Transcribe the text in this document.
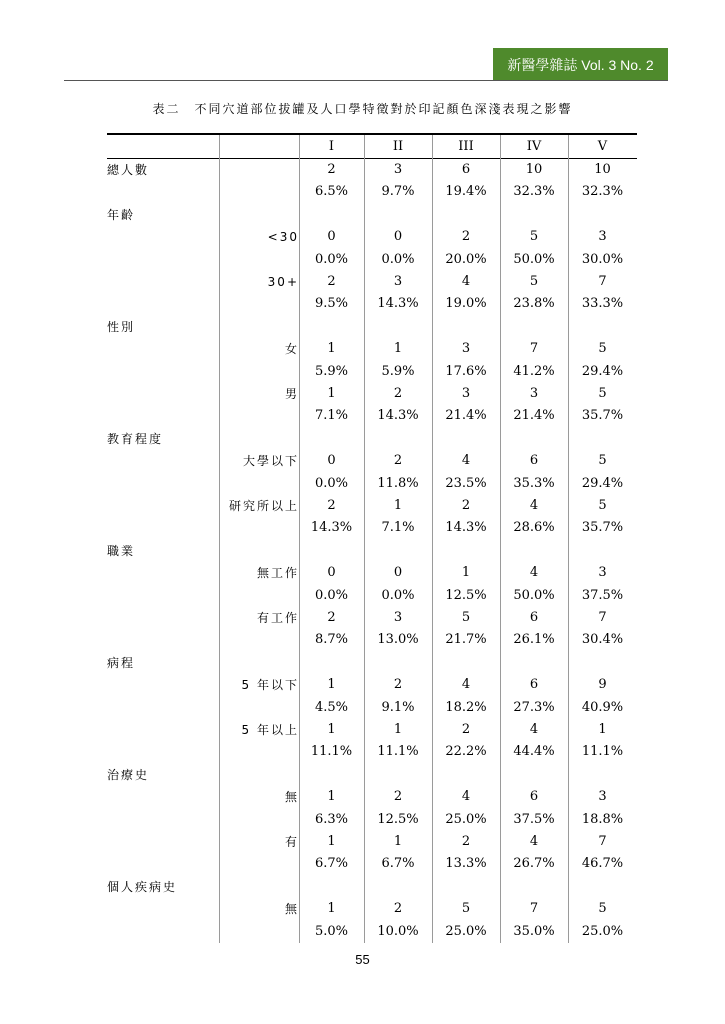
新醫學雜誌 Vol. 3 No. 2
表二　不同穴道部位拔罐及人口學特徵對於印記顏色深淺表現之影響
I	II	III	IV	V
總人數	2	3	6	10	10
6.5%	9.7%	19.4%	32.3%	32.3%
年齡
<30	0	0	2	5	3
0.0%	0.0%	20.0%	50.0%	30.0%
30+	2	3	4	5	7
9.5%	14.3%	19.0%	23.8%	33.3%
性別
女	1	1	3	7	5
5.9%	5.9%	17.6%	41.2%	29.4%
男	1	2	3	3	5
7.1%	14.3%	21.4%	21.4%	35.7%
教育程度
大學以下	0	2	4	6	5
0.0%	11.8%	23.5%	35.3%	29.4%
研究所以上	2	1	2	4	5
14.3%	7.1%	14.3%	28.6%	35.7%
職業
無工作	0	0	1	4	3
0.0%	0.0%	12.5%	50.0%	37.5%
有工作	2	3	5	6	7
8.7%	13.0%	21.7%	26.1%	30.4%
病程
5 年以下	1	2	4	6	9
4.5%	9.1%	18.2%	27.3%	40.9%
5 年以上	1	1	2	4	1
11.1%	11.1%	22.2%	44.4%	11.1%
治療史
無	1	2	4	6	3
6.3%	12.5%	25.0%	37.5%	18.8%
有	1	1	2	4	7
6.7%	6.7%	13.3%	26.7%	46.7%
個人疾病史
無	1	2	5	7	5
5.0%	10.0%	25.0%	35.0%	25.0%
55
